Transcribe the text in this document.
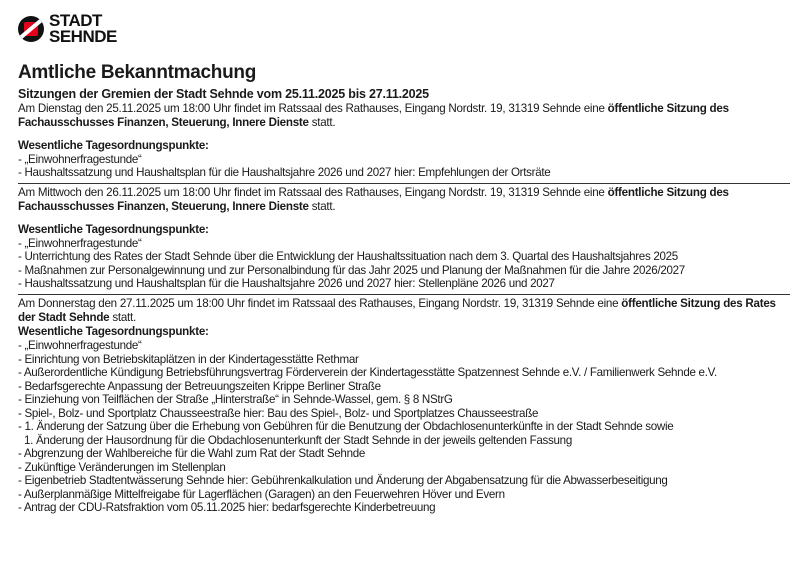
STADT
SEHNDE
Amtliche Bekanntmachung
Sitzungen der Gremien der Stadt Sehnde vom 25.11.2025 bis 27.11.2025

Am Dienstag den 25.11.2025 um 18:00 Uhr findet im Ratssaal des Rathauses, Eingang Nordstr. 19, 31319 Sehnde eine öffentliche Sitzung des Fachausschusses Finanzen, Steuerung, Innere Dienste statt.

Wesentliche Tagesordnungspunkte:
- „Einwohnerfragestunde“
- Haushaltssatzung und Haushaltsplan für die Haushaltsjahre 2026 und 2027 hier: Empfehlungen der Ortsräte

Am Mittwoch den 26.11.2025 um 18:00 Uhr findet im Ratssaal des Rathauses, Eingang Nordstr. 19, 31319 Sehnde eine öffentliche Sitzung des Fachausschusses Finanzen, Steuerung, Innere Dienste statt.

Wesentliche Tagesordnungspunkte:
- „Einwohnerfragestunde“
- Unterrichtung des Rates der Stadt Sehnde über die Entwicklung der Haushaltssituation nach dem 3. Quartal des Haushaltsjahres 2025
- Maßnahmen zur Personalgewinnung und zur Personalbindung für das Jahr 2025 und Planung der Maßnahmen für die Jahre 2026/2027
- Haushaltssatzung und Haushaltsplan für die Haushaltsjahre 2026 und 2027 hier: Stellenpläne 2026 und 2027

Am Donnerstag den 27.11.2025 um 18:00 Uhr findet im Ratssaal des Rathauses, Eingang Nordstr. 19, 31319 Sehnde eine öffentliche Sitzung des Rates der Stadt Sehnde statt.

Wesentliche Tagesordnungspunkte:
- „Einwohnerfragestunde“
- Einrichtung von Betriebskitaplätzen in der Kindertagesstätte Rethmar
- Außerordentliche Kündigung Betriebsführungsvertrag Förderverein der Kindertagesstätte Spatzennest Sehnde e.V. / Familienwerk Sehnde e.V.
- Bedarfsgerechte Anpassung der Betreuungszeiten Krippe Berliner Straße
- Einziehung von Teilflächen der Straße „Hinterstraße“ in Sehnde-Wassel, gem. § 8 NStrG
- Spiel-, Bolz- und Sportplatz Chausseestraße hier: Bau des Spiel-, Bolz- und Sportplatzes Chausseestraße
- 1. Änderung der Satzung über die Erhebung von Gebühren für die Benutzung der Obdachlosenunterkünfte in der Stadt Sehnde sowie
1. Änderung der Hausordnung für die Obdachlosenunterkunft der Stadt Sehnde in der jeweils geltenden Fassung
- Abgrenzung der Wahlbereiche für die Wahl zum Rat der Stadt Sehnde
- Zukünftige Veränderungen im Stellenplan
- Eigenbetrieb Stadtentwässerung Sehnde hier: Gebührenkalkulation und Änderung der Abgabensatzung für die Abwasserbeseitigung
- Außerplanmäßige Mittelfreigabe für Lagerflächen (Garagen) an den Feuerwehren Höver und Evern
- Antrag der CDU-Ratsfraktion vom 05.11.2025 hier: bedarfsgerechte Kinderbetreuung
